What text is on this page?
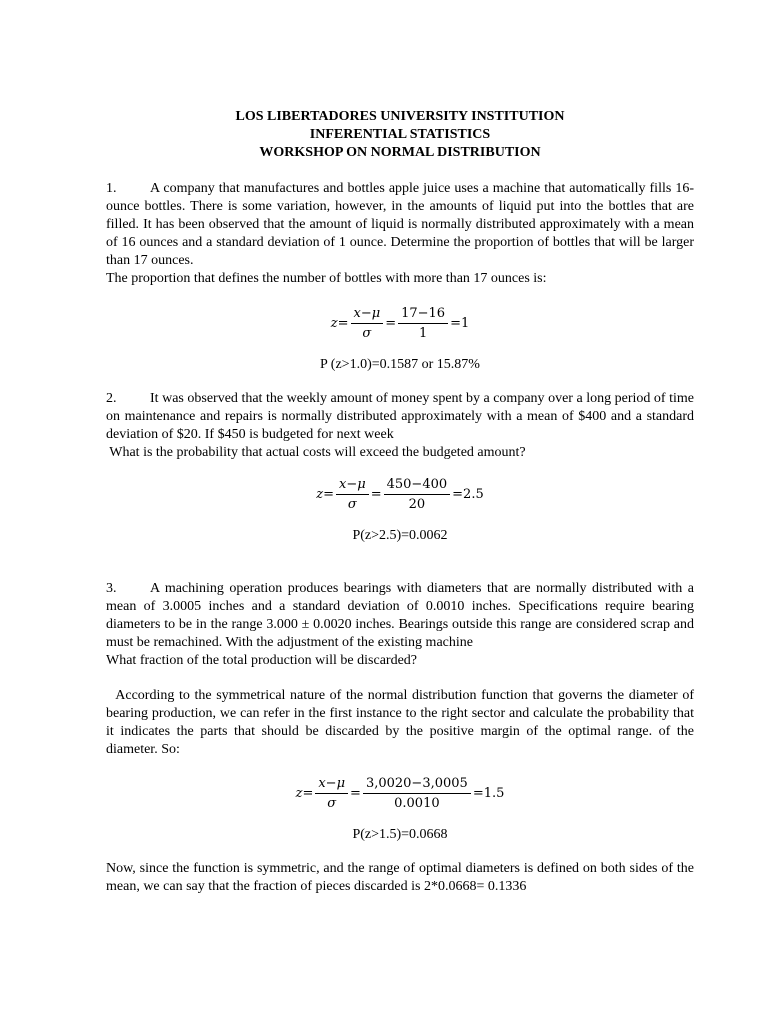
LOS LIBERTADORES UNIVERSITY INSTITUTION
INFERENTIAL STATISTICS
WORKSHOP ON NORMAL DISTRIBUTION

1. A company that manufactures and bottles apple juice uses a machine that automatically fills 16-ounce bottles. There is some variation, however, in the amounts of liquid put into the bottles that are filled. It has been observed that the amount of liquid is normally distributed approximately with a mean of 16 ounces and a standard deviation of 1 ounce. Determine the proportion of bottles that will be larger than 17 ounces.

The proportion that defines the number of bottles with more than 17 ounces is:

$z = \frac{x-\mu}{\sigma} = \frac{17-16}{1} = 1$
P (z>1.0)=0.1587 or 15.87%

2. It was observed that the weekly amount of money spent by a company over a long period of time on maintenance and repairs is normally distributed approximately with a mean of $400 and a standard deviation of $20. If $450 is budgeted for next week

What is the probability that actual costs will exceed the budgeted amount?

$z = \frac{x-\mu}{\sigma} = \frac{450-400}{20} = 2.5$
P(z>2.5)=0.0062

3. A machining operation produces bearings with diameters that are normally distributed with a mean of 3.0005 inches and a standard deviation of 0.0010 inches. Specifications require bearing diameters to be in the range 3.000 ± 0.0020 inches. Bearings outside this range are considered scrap and must be remachined. With the adjustment of the existing machine

What fraction of the total production will be discarded?

According to the symmetrical nature of the normal distribution function that governs the diameter of bearing production, we can refer in the first instance to the right sector and calculate the probability that it indicates the parts that should be discarded by the positive margin of the optimal range. of the diameter. So:

$z = \frac{x-\mu}{\sigma} = \frac{3,0020-3,0005}{0.0010} = 1.5$
P(z>1.5)=0.0668

Now, since the function is symmetric, and the range of optimal diameters is defined on both sides of the mean, we can say that the fraction of pieces discarded is 2*0.0668= 0.1336
